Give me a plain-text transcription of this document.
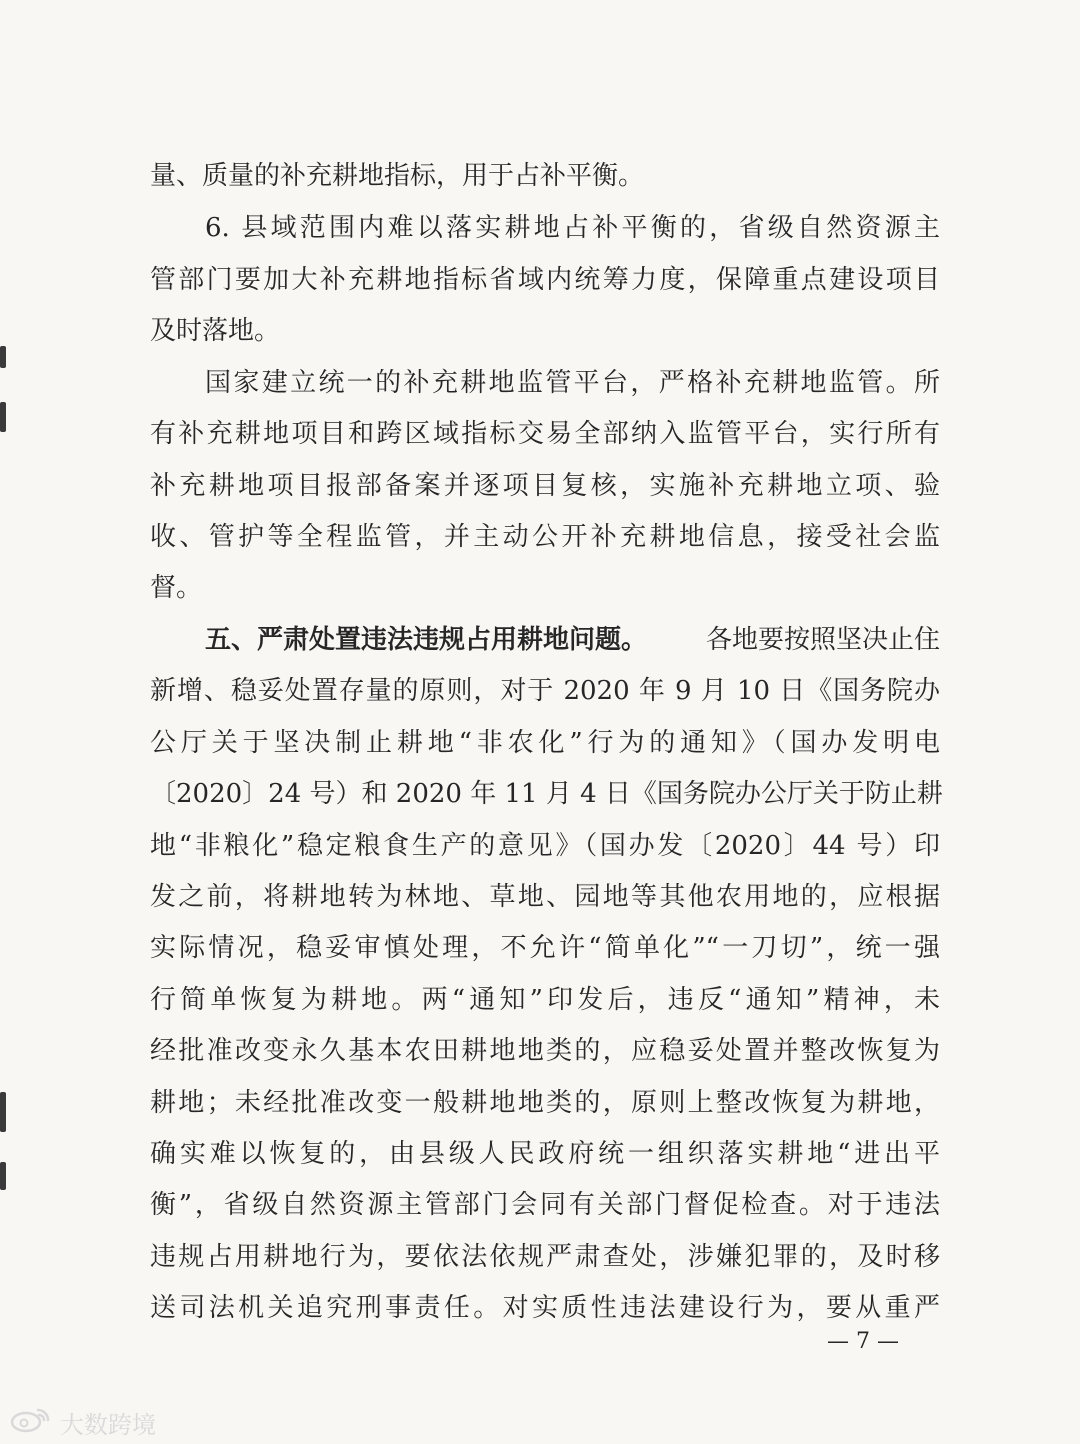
量、质量的补充耕地指标，用于占补平衡。
6. 县域范围内难以落实耕地占补平衡的，省级自然资源主
管部门要加大补充耕地指标省域内统筹力度，保障重点建设项目
及时落地。
国家建立统一的补充耕地监管平台，严格补充耕地监管。所
有补充耕地项目和跨区域指标交易全部纳入监管平台，实行所有
补充耕地项目报部备案并逐项目复核，实施补充耕地立项、验
收、管护等全程监管，并主动公开补充耕地信息，接受社会监
督。
五、严肃处置违法违规占用耕地问题。 各地要按照坚决止住
新增、稳妥处置存量的原则，对于 2020 年 9 月 10 日《国务院办
公厅关于坚决制止耕地“非农化”行为的通知》（国办发明电
〔2020〕24 号）和 2020 年 11 月 4 日《国务院办公厅关于防止耕
地“非粮化”稳定粮食生产的意见》（国办发〔2020〕44 号）印
发之前，将耕地转为林地、草地、园地等其他农用地的，应根据
实际情况，稳妥审慎处理，不允许“简单化”“一刀切”，统一强
行简单恢复为耕地。两“通知”印发后，违反“通知”精神，未
经批准改变永久基本农田耕地地类的，应稳妥处置并整改恢复为
耕地；未经批准改变一般耕地地类的，原则上整改恢复为耕地，
确实难以恢复的，由县级人民政府统一组织落实耕地“进出平
衡”，省级自然资源主管部门会同有关部门督促检查。对于违法
违规占用耕地行为，要依法依规严肃查处，涉嫌犯罪的，及时移
送司法机关追究刑事责任。对实质性违法建设行为，要从重严
— 7 —
大数跨境
